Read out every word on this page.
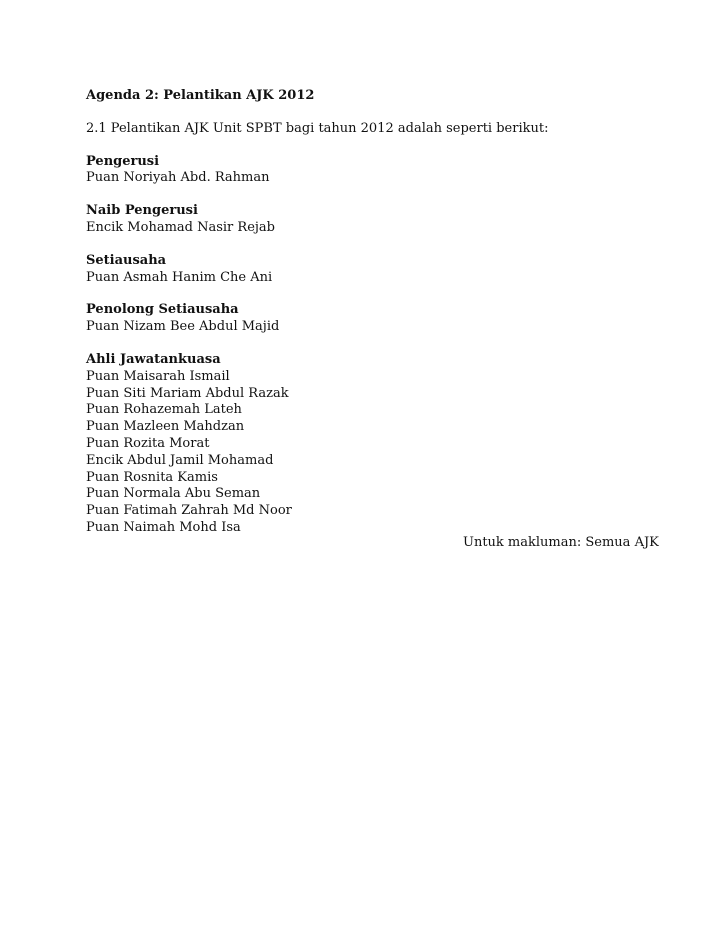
Agenda 2: Pelantikan AJK 2012
2.1 Pelantikan AJK Unit SPBT bagi tahun 2012 adalah seperti berikut:
Pengerusi
Puan Noriyah Abd. Rahman
Naib Pengerusi
Encik Mohamad Nasir Rejab
Setiausaha
Puan Asmah Hanim Che Ani
Penolong Setiausaha
Puan Nizam Bee Abdul Majid
Ahli Jawatankuasa
Puan Maisarah Ismail
Puan Siti Mariam Abdul Razak
Puan Rohazemah Lateh
Puan Mazleen Mahdzan
Puan Rozita Morat
Encik Abdul Jamil Mohamad
Puan Rosnita Kamis
Puan Normala Abu Seman
Puan Fatimah Zahrah Md Noor
Puan Naimah Mohd Isa
Untuk makluman: Semua AJK
